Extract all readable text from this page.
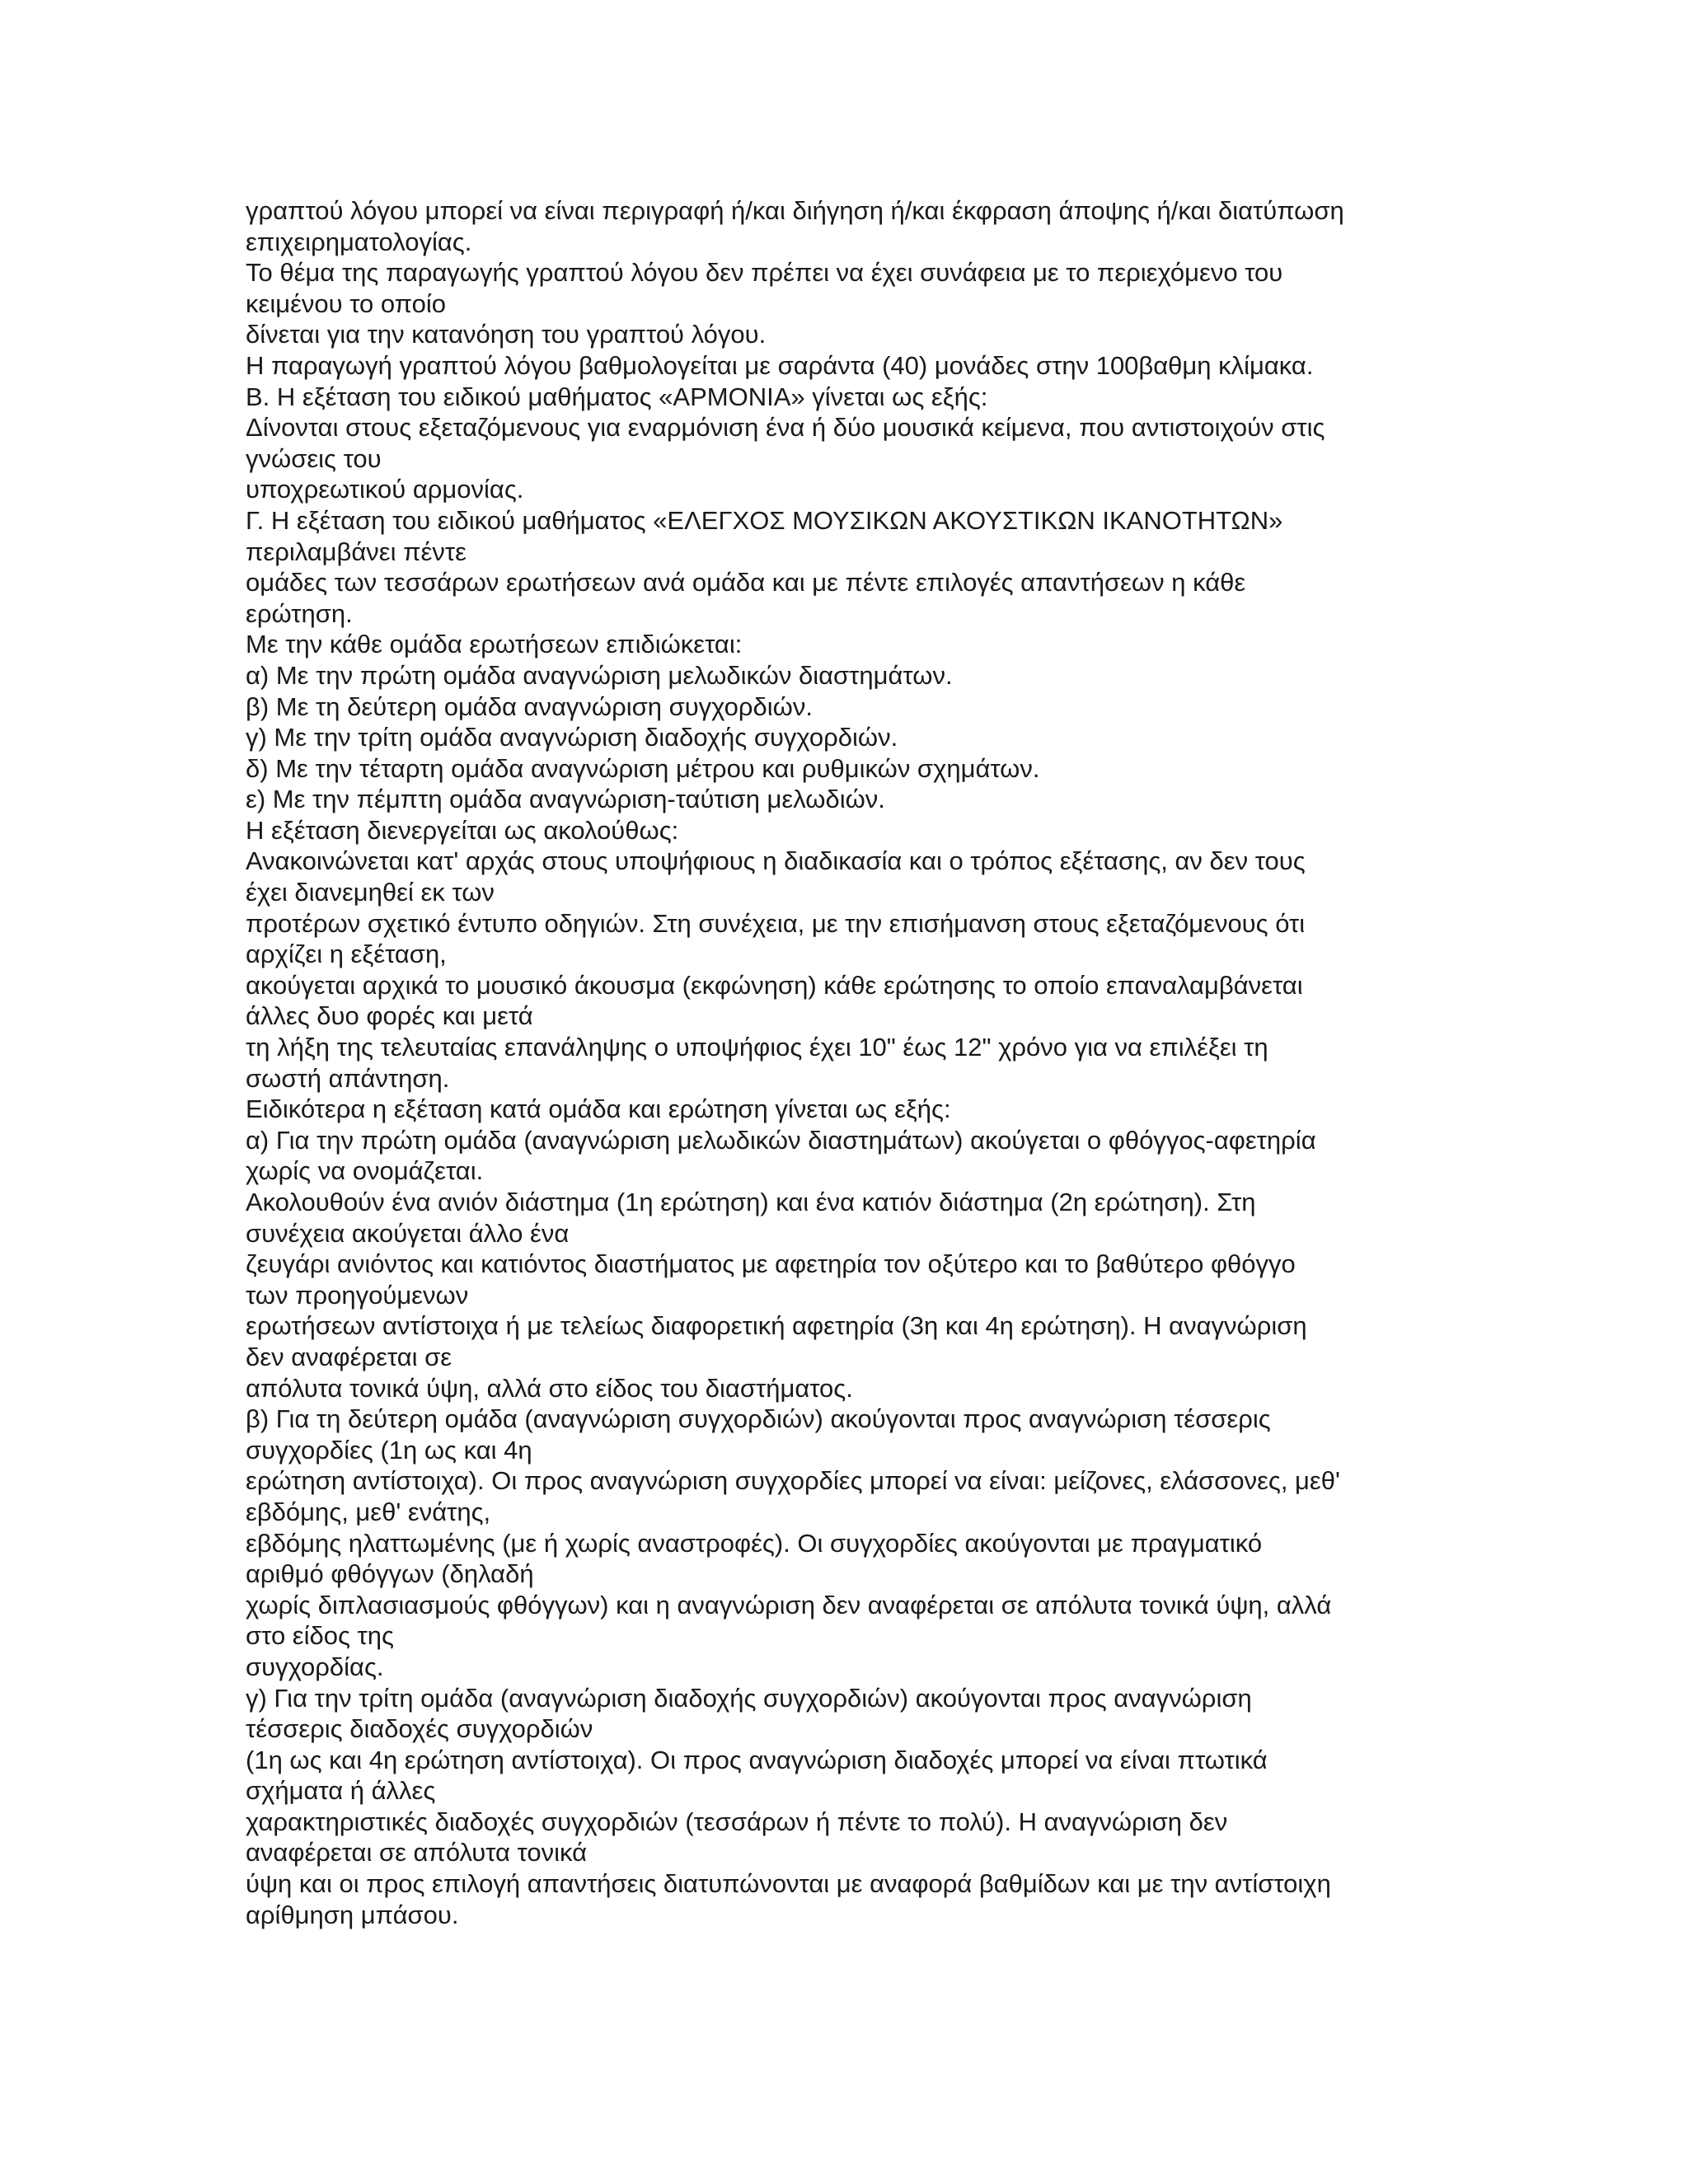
γραπτού λόγου μπορεί να είναι περιγραφή ή/και διήγηση ή/και έκφραση άποψης ή/και διατύπωση
επιχειρηματολογίας.
Το θέμα της παραγωγής γραπτού λόγου δεν πρέπει να έχει συνάφεια με το περιεχόμενο του
κειμένου το οποίο
δίνεται για την κατανόηση του γραπτού λόγου.
Η παραγωγή γραπτού λόγου βαθμολογείται με σαράντα (40) μονάδες στην 100βαθμη κλίμακα.
Β. Η εξέταση του ειδικού μαθήματος «ΑΡΜΟΝΙΑ» γίνεται ως εξής:
Δίνονται στους εξεταζόμενους για εναρμόνιση ένα ή δύο μουσικά κείμενα, που αντιστοιχούν στις
γνώσεις του
υποχρεωτικού αρμονίας.
Γ. Η εξέταση του ειδικού μαθήματος «ΕΛΕΓΧΟΣ ΜΟΥΣΙΚΩΝ ΑΚΟΥΣΤΙΚΩΝ ΙΚΑΝΟΤΗΤΩΝ»
περιλαμβάνει πέντε
ομάδες των τεσσάρων ερωτήσεων ανά ομάδα και με πέντε επιλογές απαντήσεων η κάθε
ερώτηση.
Με την κάθε ομάδα ερωτήσεων επιδιώκεται:
α) Με την πρώτη ομάδα αναγνώριση μελωδικών διαστημάτων.
β) Με τη δεύτερη ομάδα αναγνώριση συγχορδιών.
γ) Με την τρίτη ομάδα αναγνώριση διαδοχής συγχορδιών.
δ) Με την τέταρτη ομάδα αναγνώριση μέτρου και ρυθμικών σχημάτων.
ε) Με την πέμπτη ομάδα αναγνώριση-ταύτιση μελωδιών.
Η εξέταση διενεργείται ως ακολούθως:
Ανακοινώνεται κατ' αρχάς στους υποψήφιους η διαδικασία και ο τρόπος εξέτασης, αν δεν τους
έχει διανεμηθεί εκ των
προτέρων σχετικό έντυπο οδηγιών. Στη συνέχεια, με την επισήμανση στους εξεταζόμενους ότι
αρχίζει η εξέταση,
ακούγεται αρχικά το μουσικό άκουσμα (εκφώνηση) κάθε ερώτησης το οποίο επαναλαμβάνεται
άλλες δυο φορές και μετά
τη λήξη της τελευταίας επανάληψης ο υποψήφιος έχει 10" έως 12" χρόνο για να επιλέξει τη
σωστή απάντηση.
Ειδικότερα η εξέταση κατά ομάδα και ερώτηση γίνεται ως εξής:
α) Για την πρώτη ομάδα (αναγνώριση μελωδικών διαστημάτων) ακούγεται ο φθόγγος-αφετηρία
χωρίς να ονομάζεται.
Ακολουθούν ένα ανιόν διάστημα (1η ερώτηση) και ένα κατιόν διάστημα (2η ερώτηση). Στη
συνέχεια ακούγεται άλλο ένα
ζευγάρι ανιόντος και κατιόντος διαστήματος με αφετηρία τον οξύτερο και το βαθύτερο φθόγγο
των προηγούμενων
ερωτήσεων αντίστοιχα ή με τελείως διαφορετική αφετηρία (3η και 4η ερώτηση). Η αναγνώριση
δεν αναφέρεται σε
απόλυτα τονικά ύψη, αλλά στο είδος του διαστήματος.
β) Για τη δεύτερη ομάδα (αναγνώριση συγχορδιών) ακούγονται προς αναγνώριση τέσσερις
συγχορδίες (1η ως και 4η
ερώτηση αντίστοιχα). Οι προς αναγνώριση συγχορδίες μπορεί να είναι: μείζονες, ελάσσονες, μεθ'
εβδόμης, μεθ' ενάτης,
εβδόμης ηλαττωμένης (με ή χωρίς αναστροφές). Οι συγχορδίες ακούγονται με πραγματικό
αριθμό φθόγγων (δηλαδή
χωρίς διπλασιασμούς φθόγγων) και η αναγνώριση δεν αναφέρεται σε απόλυτα τονικά ύψη, αλλά
στο είδος της
συγχορδίας.
γ) Για την τρίτη ομάδα (αναγνώριση διαδοχής συγχορδιών) ακούγονται προς αναγνώριση
τέσσερις διαδοχές συγχορδιών
(1η ως και 4η ερώτηση αντίστοιχα). Οι προς αναγνώριση διαδοχές μπορεί να είναι πτωτικά
σχήματα ή άλλες
χαρακτηριστικές διαδοχές συγχορδιών (τεσσάρων ή πέντε το πολύ). Η αναγνώριση δεν
αναφέρεται σε απόλυτα τονικά
ύψη και οι προς επιλογή απαντήσεις διατυπώνονται με αναφορά βαθμίδων και με την αντίστοιχη
αρίθμηση μπάσου.
